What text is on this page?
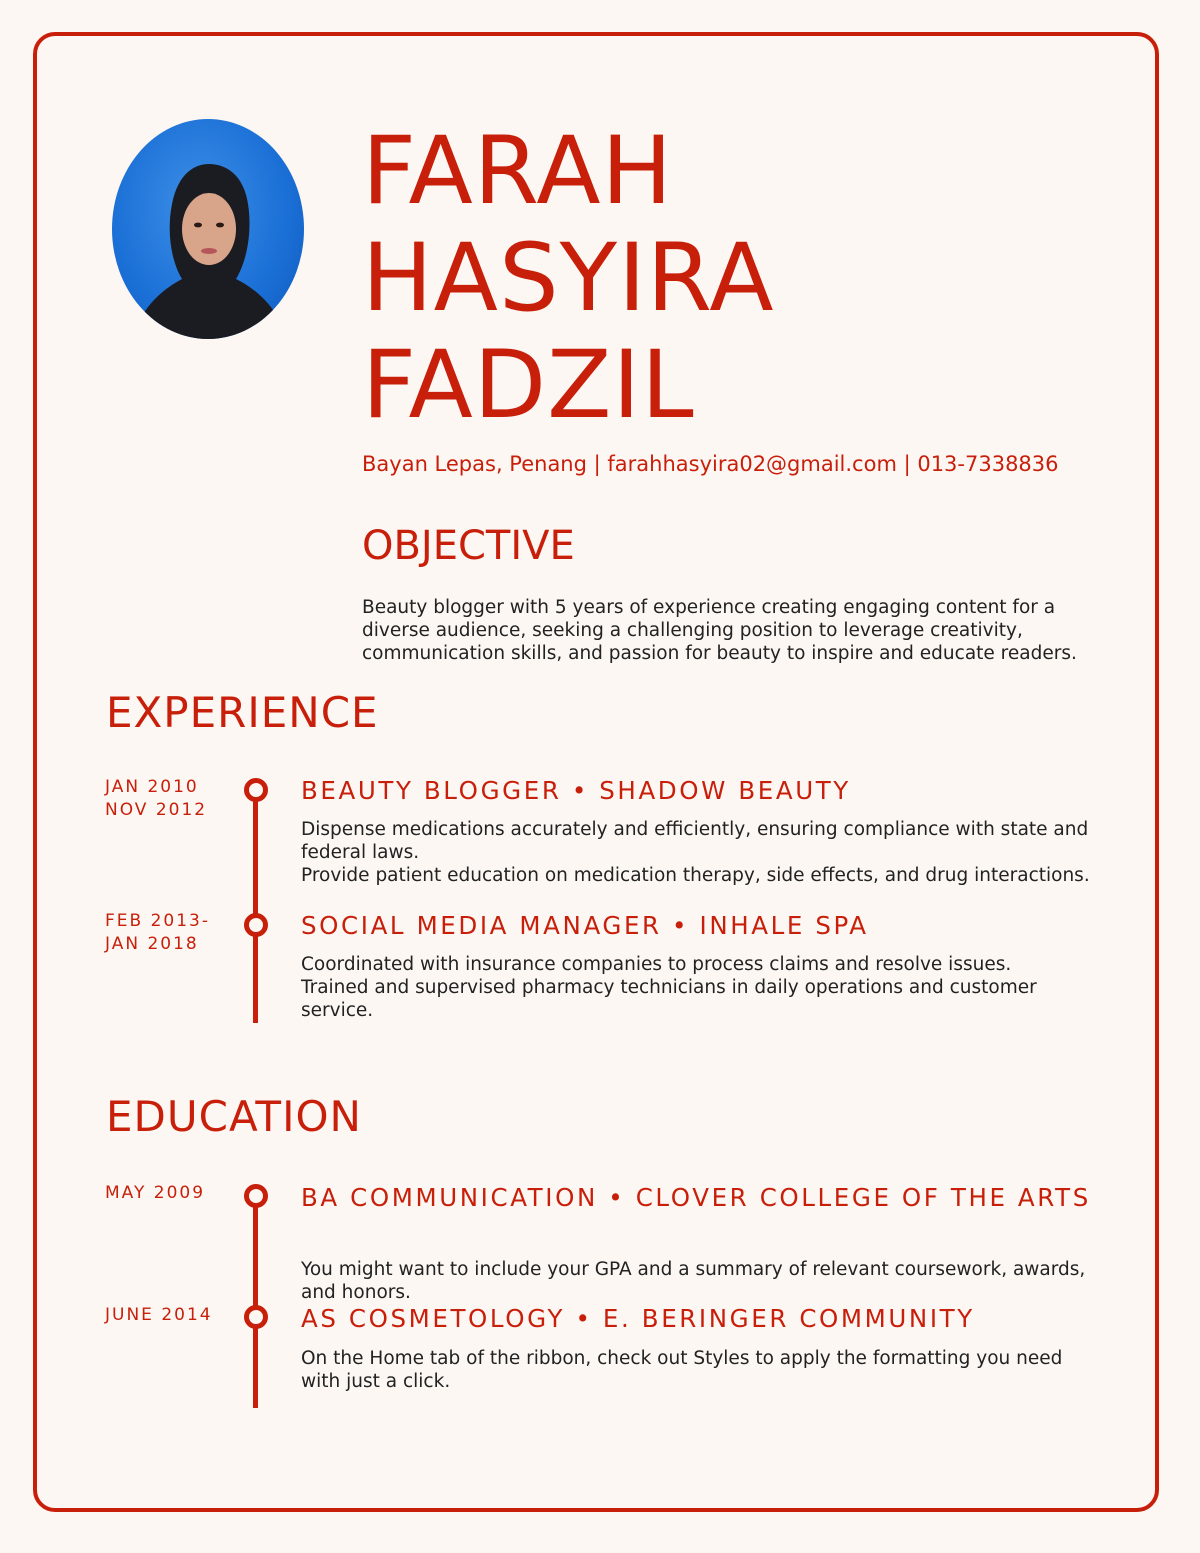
FARAH
HASYIRA
FADZIL
Bayan Lepas, Penang | farahhasyira02@gmail.com | 013-7338836
OBJECTIVE
Beauty blogger with 5 years of experience creating engaging content for a diverse audience, seeking a challenging position to leverage creativity, communication skills, and passion for beauty to inspire and educate readers.
EXPERIENCE
JAN 2010
NOV 2012
BEAUTY BLOGGER • SHADOW BEAUTY
Dispense medications accurately and efficiently, ensuring compliance with state and federal laws.
Provide patient education on medication therapy, side effects, and drug interactions.
FEB 2013-
JAN 2018
SOCIAL MEDIA MANAGER • INHALE SPA
Coordinated with insurance companies to process claims and resolve issues.
Trained and supervised pharmacy technicians in daily operations and customer service.
EDUCATION
MAY 2009	BA COMMUNICATION • CLOVER COLLEGE OF THE ARTS
You might want to include your GPA and a summary of relevant coursework, awards, and honors.
JUNE 2014	AS COSMETOLOGY • E. BERINGER COMMUNITY
On the Home tab of the ribbon, check out Styles to apply the formatting you need with just a click.
